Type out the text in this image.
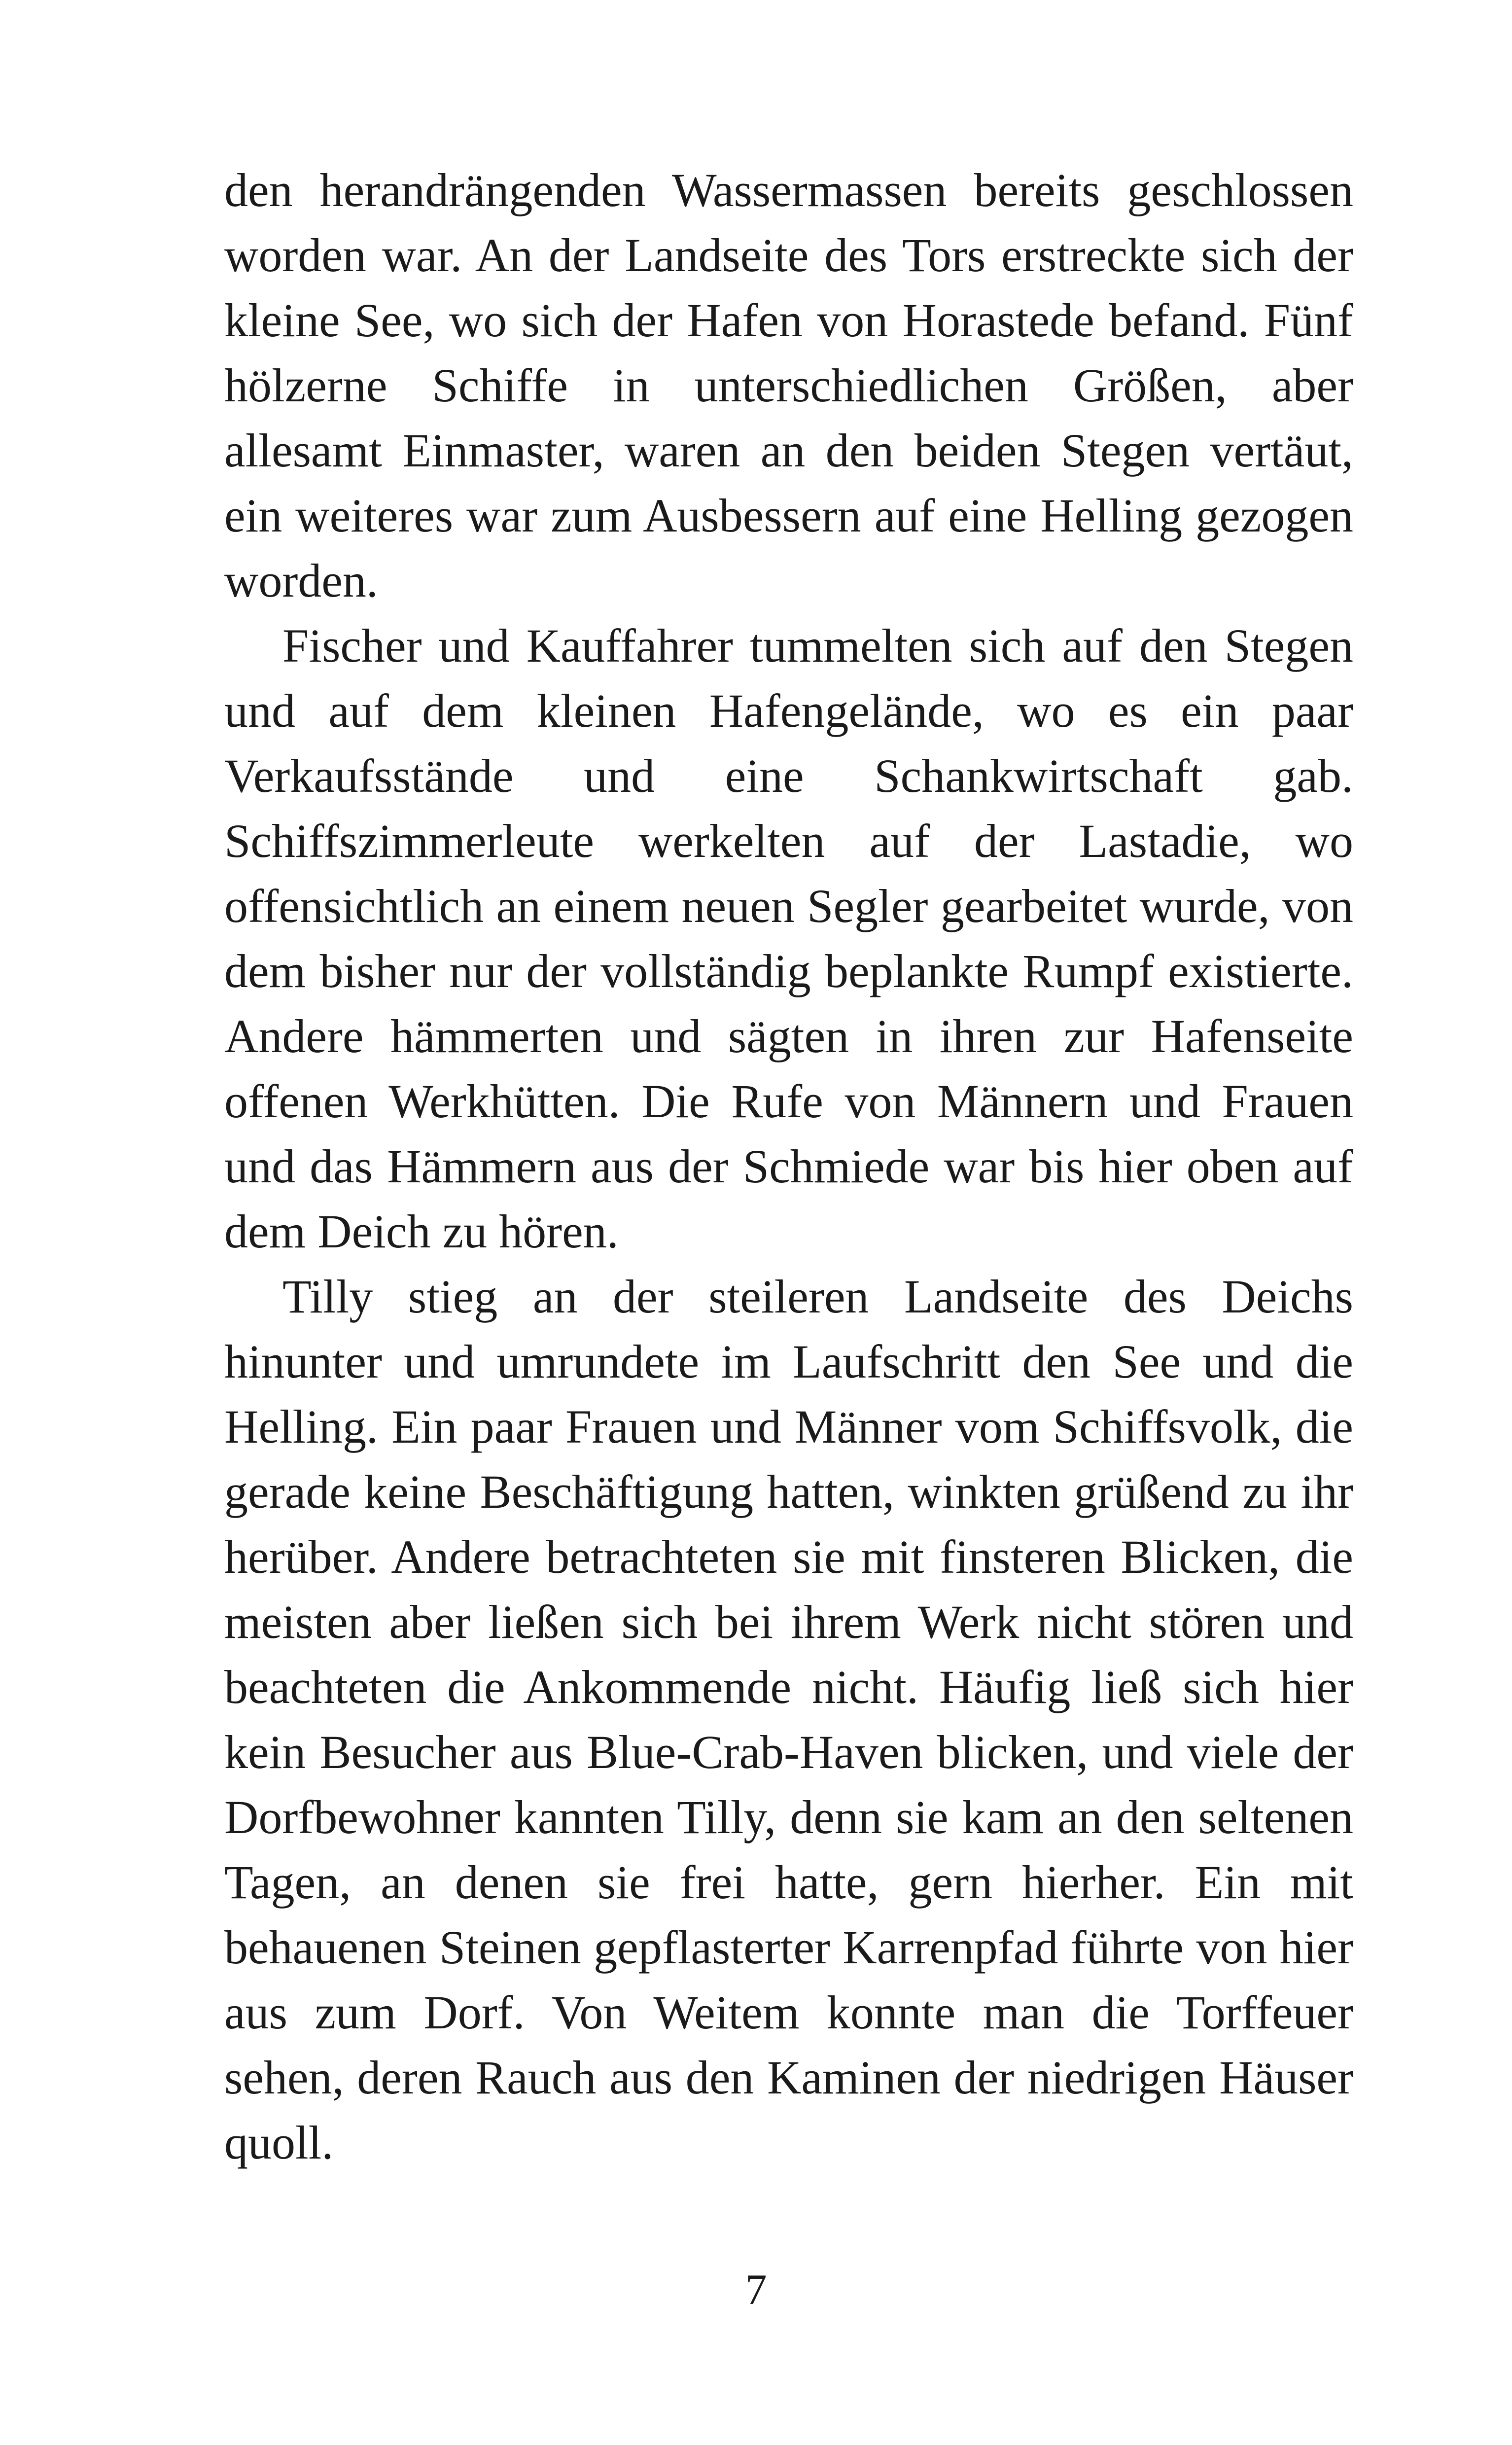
den herandrängenden Wassermassen bereits geschlossen worden war. An der Landseite des Tors erstreckte sich der kleine See, wo sich der Hafen von Horastede befand. Fünf hölzerne Schiffe in unterschiedlichen Größen, aber allesamt Einmaster, waren an den beiden Stegen vertäut, ein weiteres war zum Ausbessern auf eine Helling gezogen worden.

Fischer und Kauffahrer tummelten sich auf den Stegen und auf dem kleinen Hafengelände, wo es ein paar Verkaufsstände und eine Schankwirtschaft gab. Schiffszimmerleute werkelten auf der Lastadie, wo offensichtlich an einem neuen Segler gearbeitet wurde, von dem bisher nur der vollständig beplankte Rumpf existierte. Andere hämmerten und sägten in ihren zur Hafenseite offenen Werkhütten. Die Rufe von Männern und Frauen und das Hämmern aus der Schmiede war bis hier oben auf dem Deich zu hören.

Tilly stieg an der steileren Landseite des Deichs hinunter und umrundete im Laufschritt den See und die Helling. Ein paar Frauen und Männer vom Schiffsvolk, die gerade keine Beschäftigung hatten, winkten grüßend zu ihr herüber. Andere betrachteten sie mit finsteren Blicken, die meisten aber ließen sich bei ihrem Werk nicht stören und beachteten die Ankommende nicht. Häufig ließ sich hier kein Besucher aus Blue-Crab-Haven blicken, und viele der Dorfbewohner kannten Tilly, denn sie kam an den seltenen Tagen, an denen sie frei hatte, gern hierher. Ein mit behauenen Steinen gepflasterter Karrenpfad führte von hier aus zum Dorf. Von Weitem konnte man die Torffeuer sehen, deren Rauch aus den Kaminen der niedrigen Häuser quoll.

7
